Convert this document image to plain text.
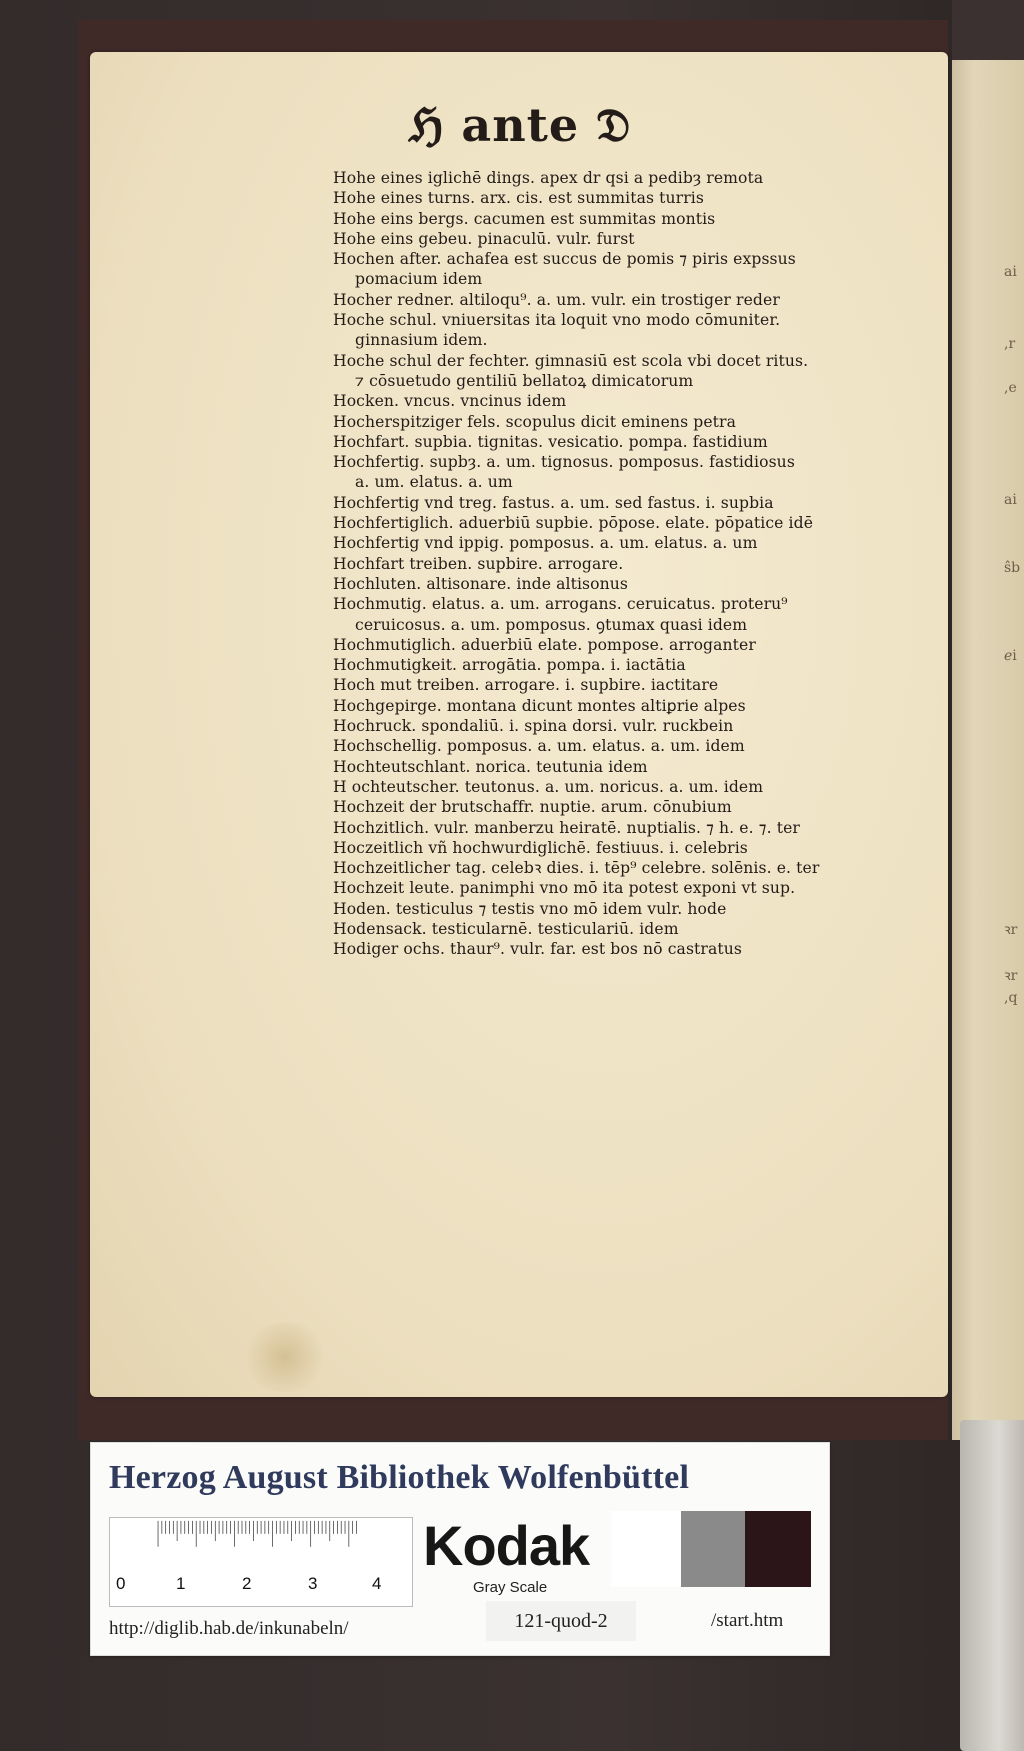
ai
,r
,e
ai
ŝb
ℯi
ꝛr
ꝛr
,q
ℌ ante 𝔇
Hohe eines iglichē dings. apex dr qsi a pedibȝ remota
Hohe eines turns. arx. cis. est summitas turris
Hohe eins bergs. cacumen est summitas montis
Hohe eins gebeu. pinaculū. vulr. furst
Hochen after. achafea est succus de pomis ⁊ piris expssus
pomacium idem
Hocher redner. altiloqu⁹. a. um. vulr. ein trostiger reder
Hoche schul. vniuersitas ita loquit vno modo cōmuniter.
ginnasium idem.
Hoche schul der fechter. gimnasiū est scola vbi docet ritus.
⁊ cōsuetudo gentiliū bellatoꝝ dimicatorum
Hocken. vncus. vncinus idem
Hocherspitziger fels. scopulus dicit eminens petra
Hochfart. supbia. tignitas. vesicatio. pompa. fastidium
Hochfertig. supbȝ. a. um. tignosus. pomposus. fastidiosus
a. um. elatus. a. um
Hochfertig vnd treg. fastus. a. um. sed fastus. i. supbia
Hochfertiglich. aduerbiū supbie. pōpose. elate. pōpatice idē
Hochfertig vnd ippig. pomposus. a. um. elatus. a. um
Hochfart treiben. supbire. arrogare.
Hochluten. altisonare. inde altisonus
Hochmutig. elatus. a. um. arrogans. ceruicatus. proteru⁹
ceruicosus. a. um. pomposus. ꝯtumax quasi idem
Hochmutiglich. aduerbiū elate. pompose. arroganter
Hochmutigkeit. arrogātia. pompa. i. iactātia
Hoch mut treiben. arrogare. i. supbire. iactitare
Hochgepirge. montana dicunt montes altiꝑrie alpes
Hochruck. spondaliū. i. spina dorsi. vulr. ruckbein
Hochschellig. pomposus. a. um. elatus. a. um. idem
Hochteutschlant. norica. teutunia idem
H ochteutscher. teutonus. a. um. noricus. a. um. idem
Hochzeit der brutschaffr. nuptie. arum. cōnubium
Hochzitlich. vulr. manberzu heiratē. nuptialis. ⁊ h. e. ⁊. ter
Hoczeitlich vñ hochwurdiglichē. festiuus. i. celebris
Hochzeitlicher tag. celebꝛ dies. i. tēp⁹ celebre. solēnis. e. ter
Hochzeit leute. panimphi vno mō ita potest exponi vt sup.
Hoden. testiculus ⁊ testis vno mō idem vulr. hode
Hodensack. testicularnē. testiculariū. idem
Hodiger ochs. thaur⁹. vulr. far. est bos nō castratus
Herzog August Bibliothek Wolfenbüttel
0	1	2	3	4
Kodak
Gray Scale
http://diglib.hab.de/inkunabeln/	121-quod-2	/start.htm
